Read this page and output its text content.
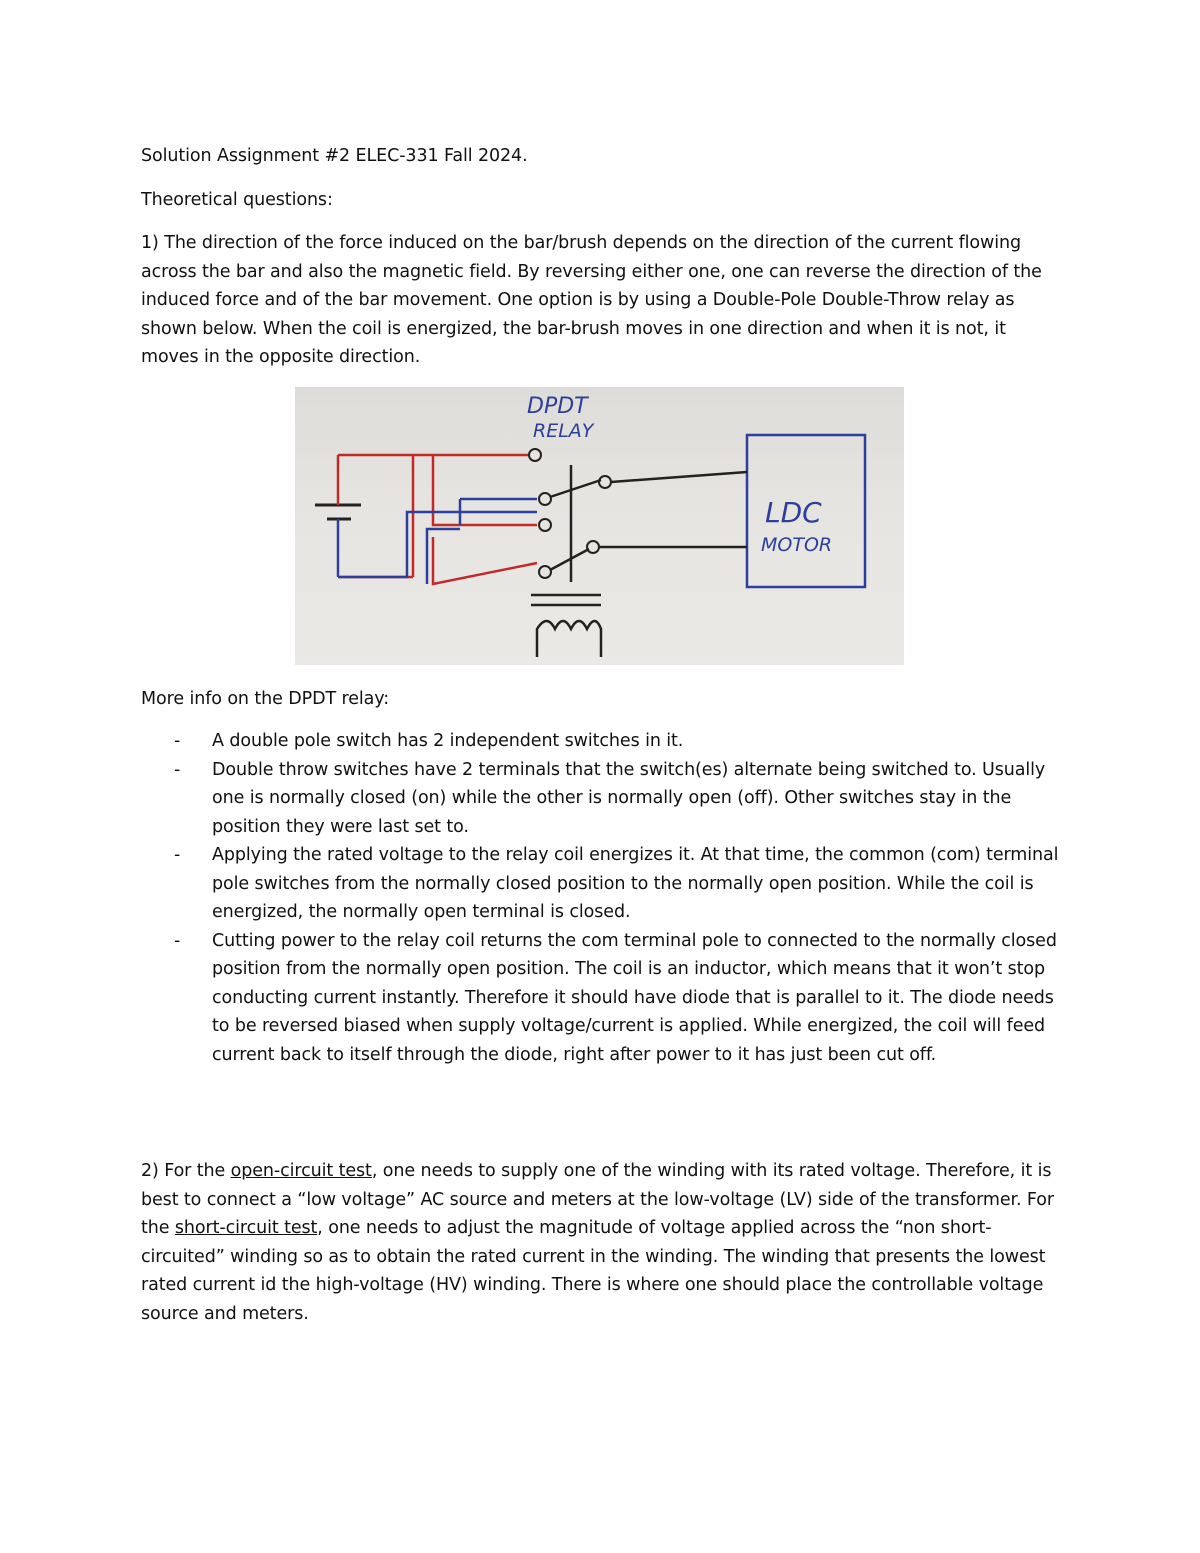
Solution Assignment #2 ELEC-331 Fall 2024.
Theoretical questions:
1) The direction of the force induced on the bar/brush depends on the direction of the current flowing across the bar and also the magnetic field. By reversing either one, one can reverse the direction of the induced force and of the bar movement. One option is by using a Double-Pole Double-Throw relay as shown below. When the coil is energized, the bar-brush moves in one direction and when it is not, it moves in the opposite direction.
DPDT
RELAY
LDC
MOTOR
More info on the DPDT relay:
- A double pole switch has 2 independent switches in it.
- Double throw switches have 2 terminals that the switch(es) alternate being switched to. Usually one is normally closed (on) while the other is normally open (off). Other switches stay in the position they were last set to.
- Applying the rated voltage to the relay coil energizes it. At that time, the common (com) terminal pole switches from the normally closed position to the normally open position. While the coil is energized, the normally open terminal is closed.
- Cutting power to the relay coil returns the com terminal pole to connected to the normally closed position from the normally open position. The coil is an inductor, which means that it won’t stop conducting current instantly. Therefore it should have diode that is parallel to it. The diode needs to be reversed biased when supply voltage/current is applied. While energized, the coil will feed current back to itself through the diode, right after power to it has just been cut off.
2) For the open-circuit test, one needs to supply one of the winding with its rated voltage. Therefore, it is best to connect a “low voltage” AC source and meters at the low-voltage (LV) side of the transformer. For the short-circuit test, one needs to adjust the magnitude of voltage applied across the “non short-circuited” winding so as to obtain the rated current in the winding. The winding that presents the lowest rated current id the high-voltage (HV) winding. There is where one should place the controllable voltage source and meters.
